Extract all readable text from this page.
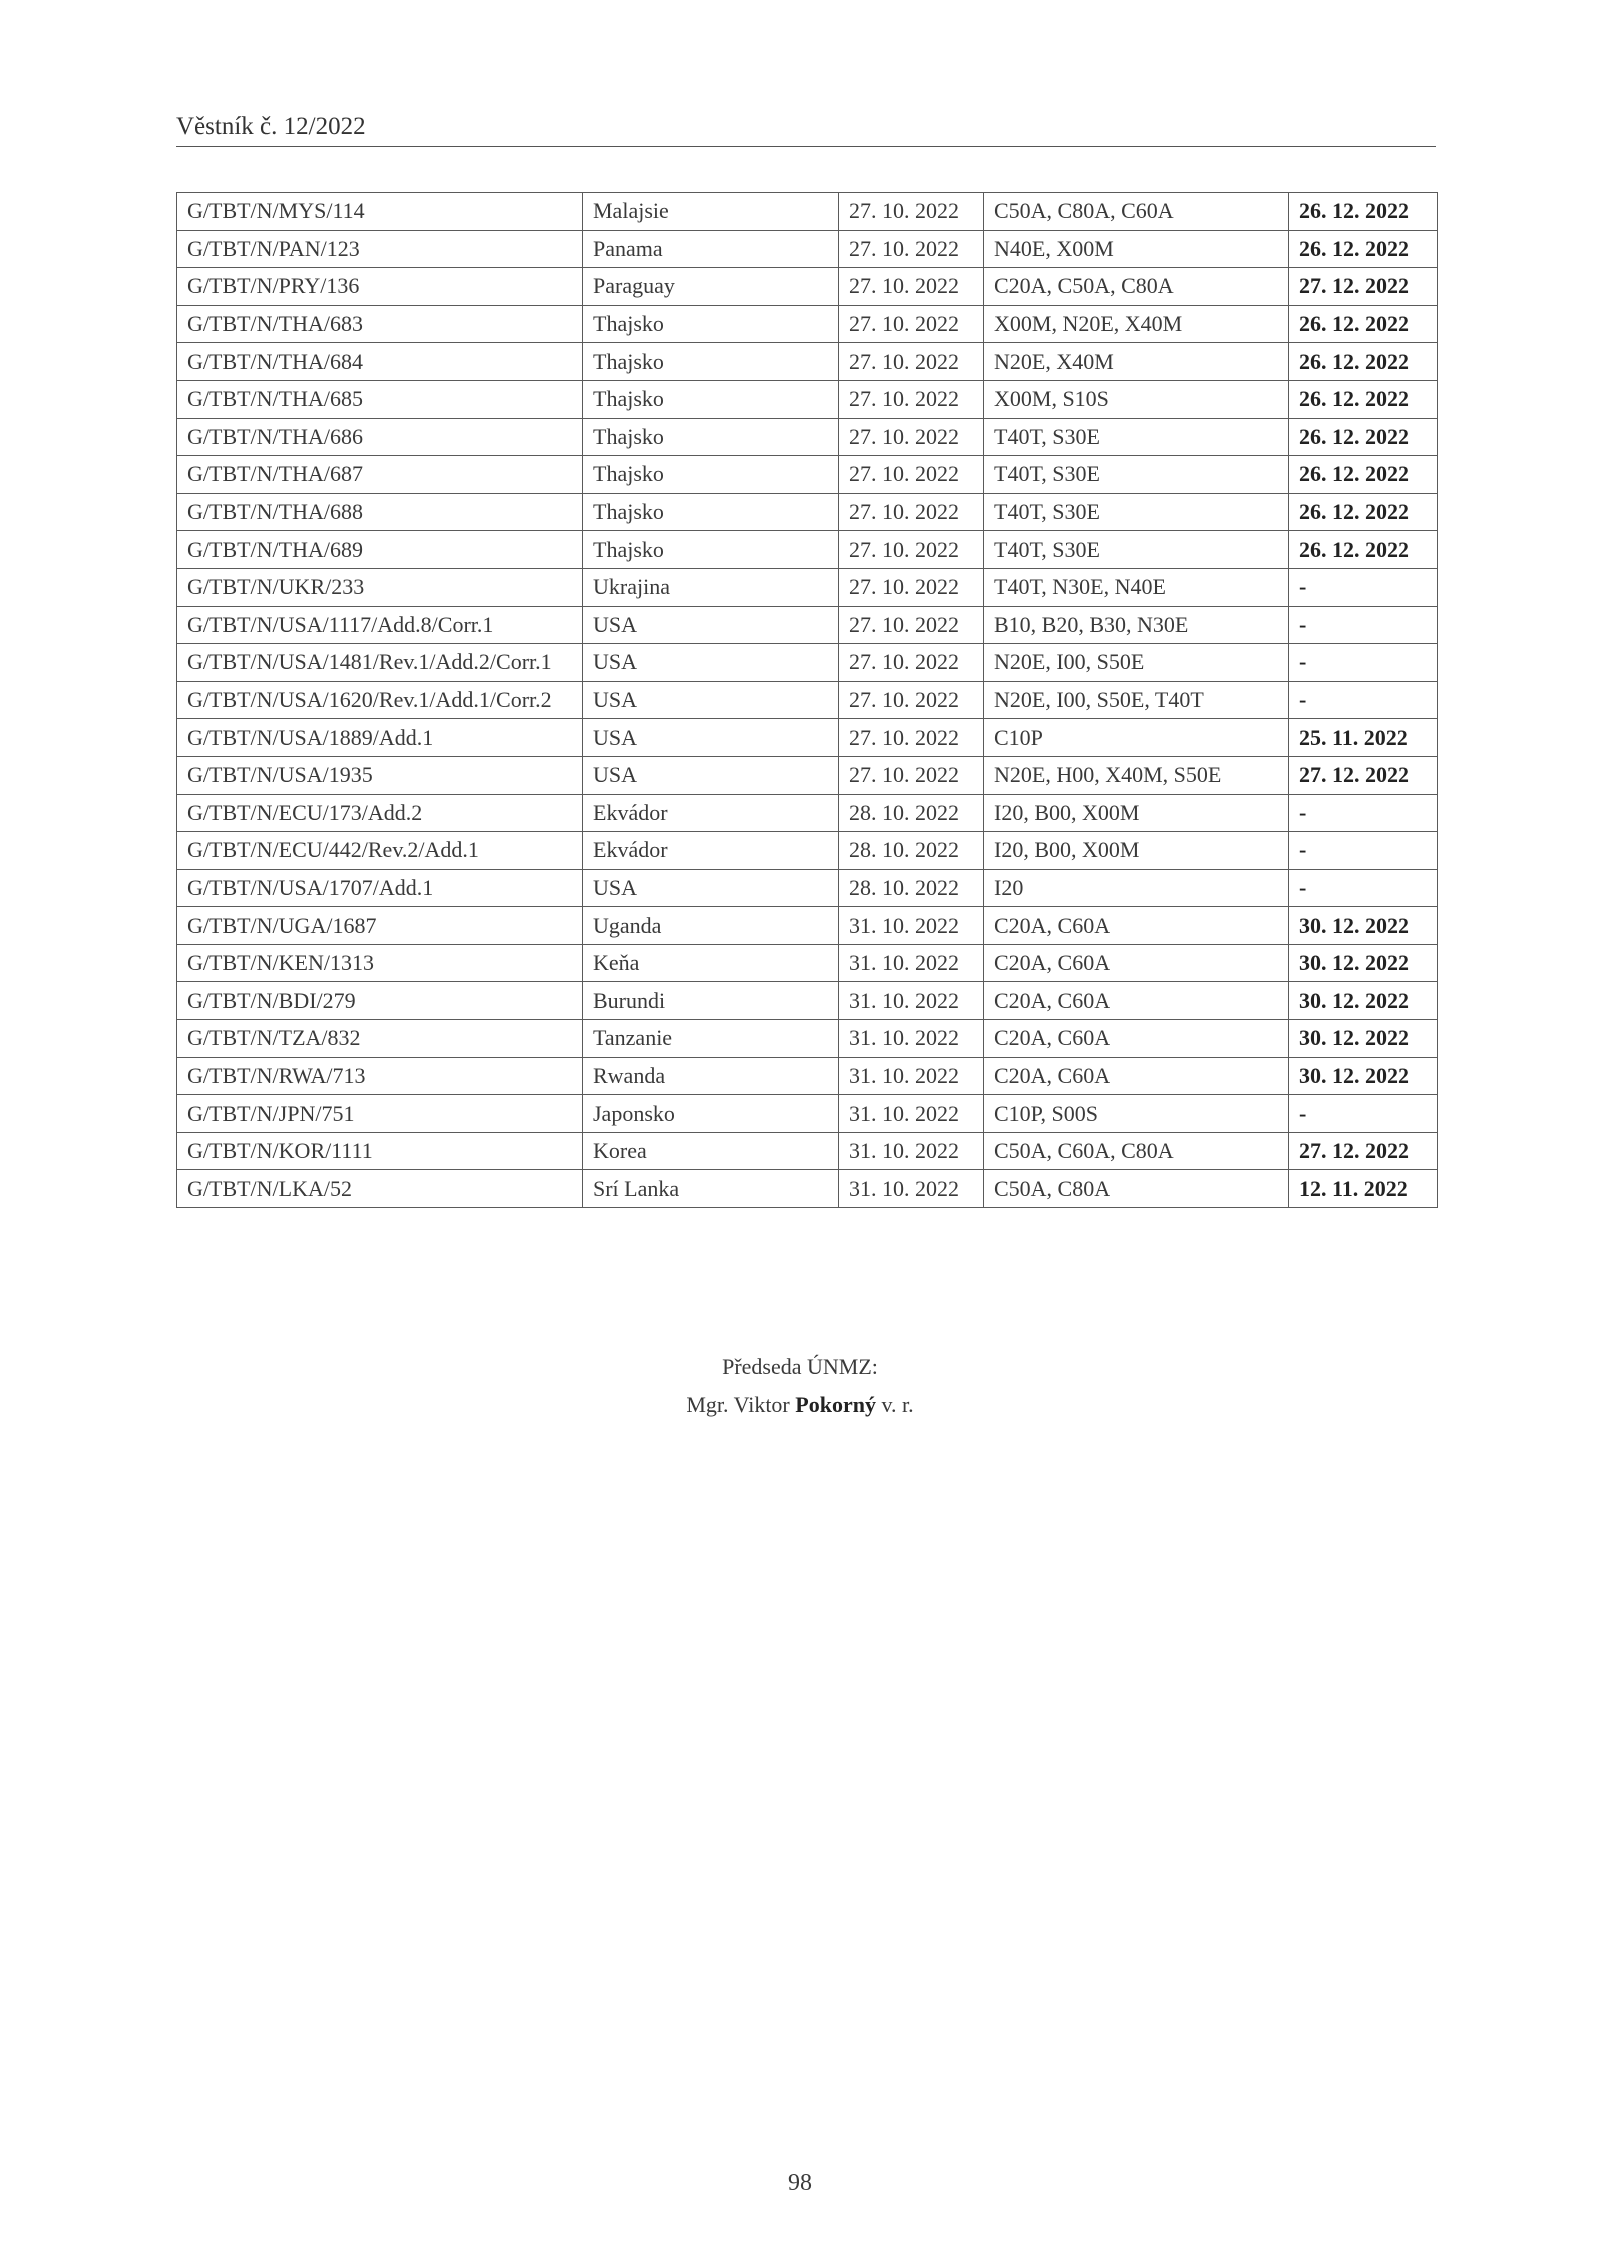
Věstník č. 12/2022
G/TBT/N/MYS/114	Malajsie	27. 10. 2022	C50A, C80A, C60A	26. 12. 2022
G/TBT/N/PAN/123	Panama	27. 10. 2022	N40E, X00M	26. 12. 2022
G/TBT/N/PRY/136	Paraguay	27. 10. 2022	C20A, C50A, C80A	27. 12. 2022
G/TBT/N/THA/683	Thajsko	27. 10. 2022	X00M, N20E, X40M	26. 12. 2022
G/TBT/N/THA/684	Thajsko	27. 10. 2022	N20E, X40M	26. 12. 2022
G/TBT/N/THA/685	Thajsko	27. 10. 2022	X00M, S10S	26. 12. 2022
G/TBT/N/THA/686	Thajsko	27. 10. 2022	T40T, S30E	26. 12. 2022
G/TBT/N/THA/687	Thajsko	27. 10. 2022	T40T, S30E	26. 12. 2022
G/TBT/N/THA/688	Thajsko	27. 10. 2022	T40T, S30E	26. 12. 2022
G/TBT/N/THA/689	Thajsko	27. 10. 2022	T40T, S30E	26. 12. 2022
G/TBT/N/UKR/233	Ukrajina	27. 10. 2022	T40T, N30E, N40E	-
G/TBT/N/USA/1117/Add.8/Corr.1	USA	27. 10. 2022	B10, B20, B30, N30E	-
G/TBT/N/USA/1481/Rev.1/Add.2/Corr.1	USA	27. 10. 2022	N20E, I00, S50E	-
G/TBT/N/USA/1620/Rev.1/Add.1/Corr.2	USA	27. 10. 2022	N20E, I00, S50E, T40T	-
G/TBT/N/USA/1889/Add.1	USA	27. 10. 2022	C10P	25. 11. 2022
G/TBT/N/USA/1935	USA	27. 10. 2022	N20E, H00, X40M, S50E	27. 12. 2022
G/TBT/N/ECU/173/Add.2	Ekvádor	28. 10. 2022	I20, B00, X00M	-
G/TBT/N/ECU/442/Rev.2/Add.1	Ekvádor	28. 10. 2022	I20, B00, X00M	-
G/TBT/N/USA/1707/Add.1	USA	28. 10. 2022	I20	-
G/TBT/N/UGA/1687	Uganda	31. 10. 2022	C20A, C60A	30. 12. 2022
G/TBT/N/KEN/1313	Keňa	31. 10. 2022	C20A, C60A	30. 12. 2022
G/TBT/N/BDI/279	Burundi	31. 10. 2022	C20A, C60A	30. 12. 2022
G/TBT/N/TZA/832	Tanzanie	31. 10. 2022	C20A, C60A	30. 12. 2022
G/TBT/N/RWA/713	Rwanda	31. 10. 2022	C20A, C60A	30. 12. 2022
G/TBT/N/JPN/751	Japonsko	31. 10. 2022	C10P, S00S	-
G/TBT/N/KOR/1111	Korea	31. 10. 2022	C50A, C60A, C80A	27. 12. 2022
G/TBT/N/LKA/52	Srí Lanka	31. 10. 2022	C50A, C80A	12. 11. 2022
Předseda ÚNMZ:
Mgr. Viktor Pokorný v. r.
98
